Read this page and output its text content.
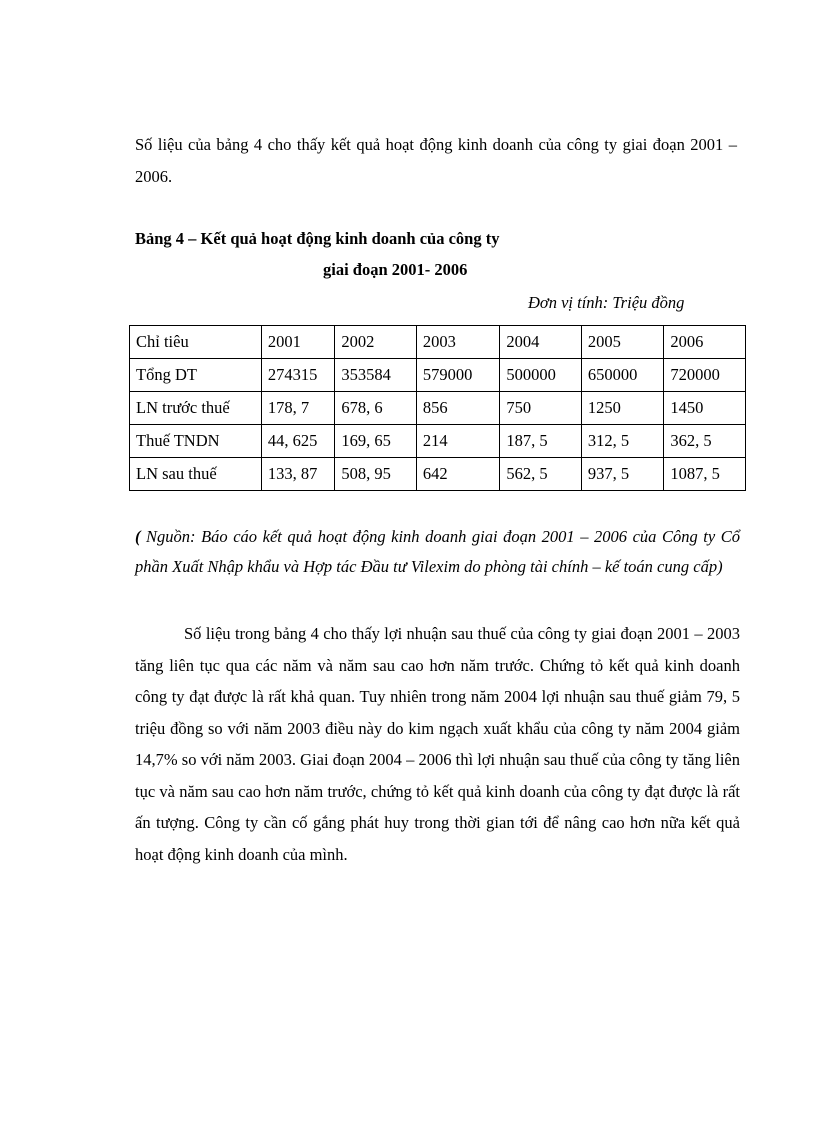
Số liệu của bảng 4 cho thấy kết quả hoạt động kinh doanh của công ty giai đoạn 2001 – 2006.

Bảng 4 – Kết quả hoạt động kinh doanh của công ty
giai đoạn 2001- 2006
Đơn vị tính: Triệu đồng
Chỉ tiêu	2001	2002	2003	2004	2005	2006
Tổng DT	274315	353584	579000	500000	650000	720000
LN trước thuế	178, 7	678, 6	856	750	1250	1450
Thuế TNDN	44, 625	169, 65	214	187, 5	312, 5	362, 5
LN sau thuế	133, 87	508, 95	642	562, 5	937, 5	1087, 5

( Nguồn: Báo cáo kết quả hoạt động kinh doanh giai đoạn 2001 – 2006 của Công ty Cổ phần Xuất Nhập khẩu và Hợp tác Đầu tư Vilexim do phòng tài chính – kế toán cung cấp)

Số liệu trong bảng 4 cho thấy lợi nhuận sau thuế của công ty giai đoạn 2001 – 2003 tăng liên tục qua các năm và năm sau cao hơn năm trước. Chứng tỏ kết quả kinh doanh công ty đạt được là rất khả quan. Tuy nhiên trong năm 2004 lợi nhuận sau thuế giảm 79, 5 triệu đồng so với năm 2003 điều này do kim ngạch xuất khẩu của công ty năm 2004 giảm 14,7% so với năm 2003. Giai đoạn 2004 – 2006 thì lợi nhuận sau thuế của công ty tăng liên tục và năm sau cao hơn năm trước, chứng tỏ kết quả kinh doanh của công ty đạt được là rất ấn tượng. Công ty cần cố gắng phát huy trong thời gian tới để nâng cao hơn nữa kết quả hoạt động kinh doanh của mình.
